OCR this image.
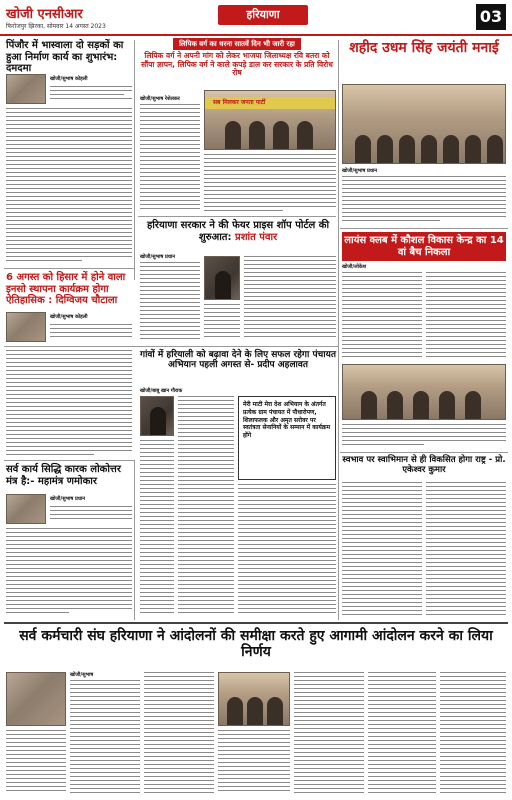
खोजी एनसीआर
फिरोजपुर झिरका, सोमवार 14 अगस्त 2023
हरियाणा	03
पिंजौर में भास्वाला दो सड़कों का हुआ निर्माण कार्य का शुभारंभ: दमदमा
खोजी/सुभाष कोहली
6 अगस्त को हिसार में होने वाला इनसो स्थापना कार्यक्रम होगा ऐतिहासिक : दिग्विजय चौटाला
खोजी/सुभाष कोहली
सर्व कार्य सिद्धि कारक लोकोत्तर मंत्र है:- महामंत्र णमोकार
खोजी/सुभाष प्रधान
लिपिक वर्ग का धरना सातवें दिन भी जारी रहा
लिपिक वर्ग ने अपनी मांग को लेकर भाजपा जिलाध्यक्ष रवि बतरा को सौंपा ज्ञापन, लिपिक वर्ग ने काले कपड़े डाल कर सरकार के प्रति विरोध रोष
खोजी/सुभाष रेशेलकर	सब मिलकर जनता पार्टी
हरियाणा सरकार ने की फेयर प्राइस शॉप पोर्टल की शुरुआत: प्रशांत पंवार
खोजी/सुभाष प्रधान
गांवों में हरियाली को बढ़ावा देने के लिए सफल रहेगा पंचायत अभियान पहली अगस्त से- प्रदीप अहलावत
खोजी/बाबू खान गौराक
मेरी माटी मेरा देश अभियान के अंतर्गत प्रत्येक ग्राम पंचायत में पौधारोपण, शिलाफलक और अमृत सरोवर पर स्वतंत्रता सेनानियों के सम्मान में कार्यक्रम होंगे
शहीद उधम सिंह जयंती मनाई
खोजी/सुभाष प्रधान
लायंस क्लब में कौशल विकास केन्द्र का 14 वां बैच निकला
खोजी/लोकेश
स्वभाव पर स्वाभिमान से ही विकसित होगा राष्ट्र - प्रो. एकेश्वर कुमार
सर्व कर्मचारी संघ हरियाणा ने आंदोलनों की समीक्षा करते हुए आगामी आंदोलन करने का लिया निर्णय
खोजी/सुभाष
